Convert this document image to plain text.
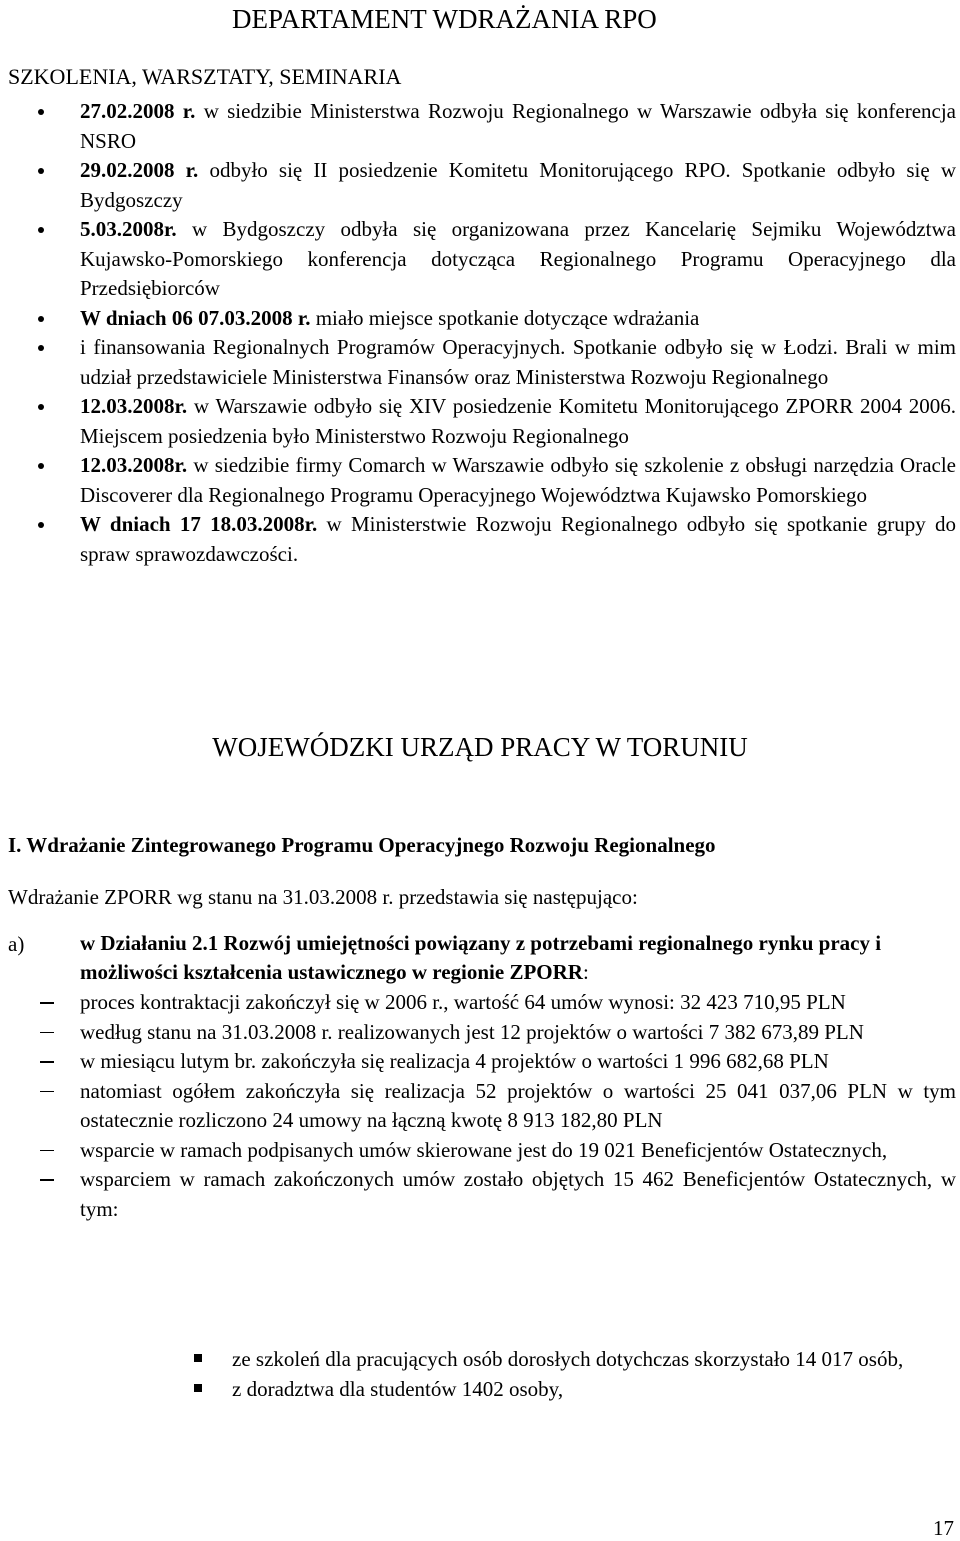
DEPARTAMENT WDRAŻANIA RPO
SZKOLENIA, WARSZTATY, SEMINARIA

27.02.2008 r. w siedzibie Ministerstwa Rozwoju Regionalnego w Warszawie odbyła się konferencja NSRO

29.02.2008 r. odbyło się II posiedzenie Komitetu Monitorującego RPO. Spotkanie odbyło się w Bydgoszczy

5.03.2008r. w Bydgoszczy odbyła się organizowana przez Kancelarię Sejmiku Województwa Kujawsko-Pomorskiego konferencja dotycząca Regionalnego Programu Operacyjnego dla Przedsiębiorców

W dniach 06 07.03.2008 r. miało miejsce spotkanie dotyczące wdrażania

i finansowania Regionalnych Programów Operacyjnych. Spotkanie odbyło się w Łodzi. Brali w mim udział przedstawiciele Ministerstwa Finansów oraz Ministerstwa Rozwoju Regionalnego

12.03.2008r. w Warszawie odbyło się XIV posiedzenie Komitetu Monitorującego ZPORR 2004 2006. Miejscem posiedzenia było Ministerstwo Rozwoju Regionalnego

12.03.2008r. w siedzibie firmy Comarch w Warszawie odbyło się szkolenie z obsługi narzędzia Oracle Discoverer dla Regionalnego Programu Operacyjnego Województwa Kujawsko Pomorskiego

W dniach 17 18.03.2008r. w Ministerstwie Rozwoju Regionalnego odbyło się spotkanie grupy do spraw sprawozdawczości.

WOJEWÓDZKI URZĄD PRACY W TORUNIU
I. Wdrażanie Zintegrowanego Programu Operacyjnego Rozwoju Regionalnego

Wdrażanie ZPORR wg stanu na 31.03.2008 r. przedstawia się następująco:

a)	w Działaniu 2.1 Rozwój umiejętności powiązany z potrzebami regionalnego rynku pracy i możliwości kształcenia ustawicznego w regionie ZPORR:

proces kontraktacji zakończył się w 2006 r., wartość 64 umów wynosi: 32 423 710,95 PLN

według stanu na 31.03.2008 r. realizowanych jest 12 projektów o wartości 7 382 673,89 PLN

w miesiącu lutym br. zakończyła się realizacja 4 projektów o wartości 1 996 682,68 PLN

natomiast ogółem zakończyła się realizacja 52 projektów o wartości 25 041 037,06 PLN w tym ostatecznie rozliczono 24 umowy na łączną kwotę 8 913 182,80 PLN

wsparcie w ramach podpisanych umów skierowane jest do 19 021 Beneficjentów Ostatecznych,

wsparciem w ramach zakończonych umów zostało objętych 15 462 Beneficjentów Ostatecznych, w tym:

ze szkoleń dla pracujących osób dorosłych dotychczas skorzystało 14 017 osób,

z doradztwa dla studentów 1402 osoby,

17
